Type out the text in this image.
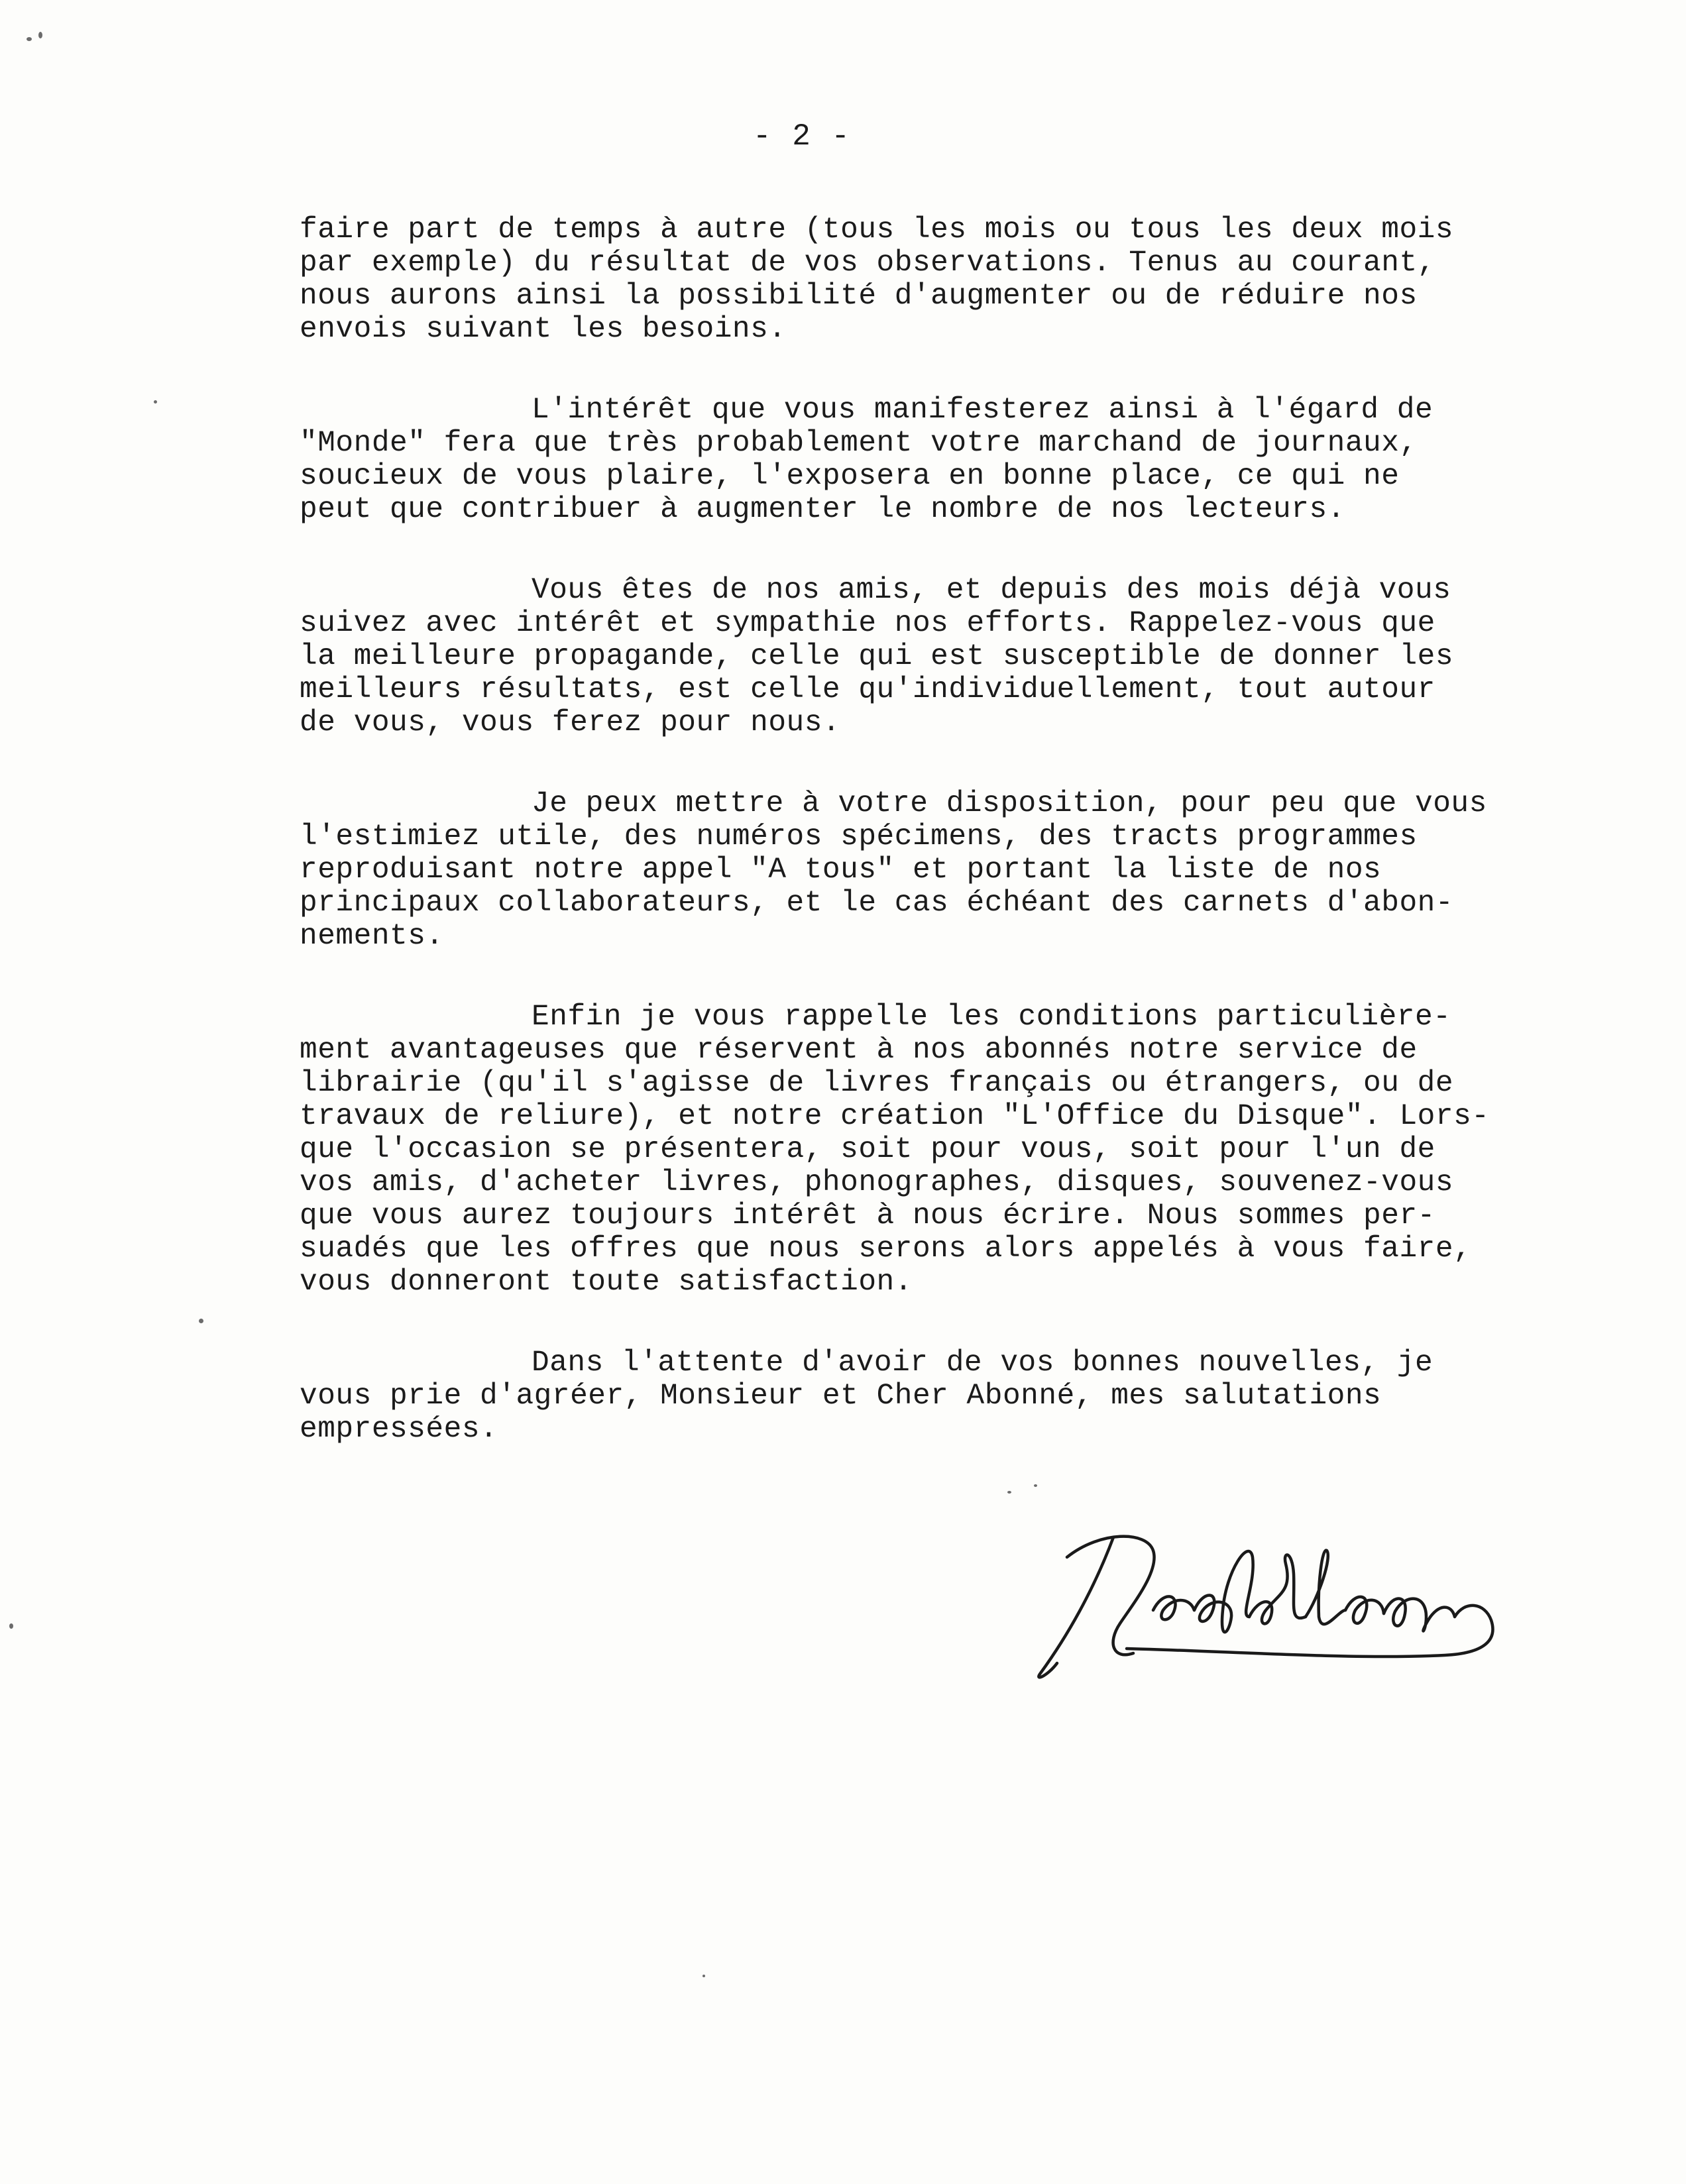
- 2 -
faire part de temps à autre (tous les mois ou tous les deux mois
par exemple) du résultat de vos observations. Tenus au courant,
nous aurons ainsi la possibilité d'augmenter ou de réduire nos
envois suivant les besoins.
L'intérêt que vous manifesterez ainsi à l'égard de
"Monde" fera que très probablement votre marchand de journaux,
soucieux de vous plaire, l'exposera en bonne place, ce qui ne
peut que contribuer à augmenter le nombre de nos lecteurs.
Vous êtes de nos amis, et depuis des mois déjà vous
suivez avec intérêt et sympathie nos efforts. Rappelez-vous que
la meilleure propagande, celle qui est susceptible de donner les
meilleurs résultats, est celle qu'individuellement, tout autour
de vous, vous ferez pour nous.
Je peux mettre à votre disposition, pour peu que vous
l'estimiez utile, des numéros spécimens, des tracts programmes
reproduisant notre appel "A tous" et portant la liste de nos
principaux collaborateurs, et le cas échéant des carnets d'abon-
nements.
Enfin je vous rappelle les conditions particulière-
ment avantageuses que réservent à nos abonnés notre service de
librairie (qu'il s'agisse de livres français ou étrangers, ou de
travaux de reliure), et notre création "L'Office du Disque". Lors-
que l'occasion se présentera, soit pour vous, soit pour l'un de
vos amis, d'acheter livres, phonographes, disques, souvenez-vous
que vous aurez toujours intérêt à nous écrire. Nous sommes per-
suadés que les offres que nous serons alors appelés à vous faire,
vous donneront toute satisfaction.
Dans l'attente d'avoir de vos bonnes nouvelles, je
vous prie d'agréer, Monsieur et Cher Abonné, mes salutations
empressées.
